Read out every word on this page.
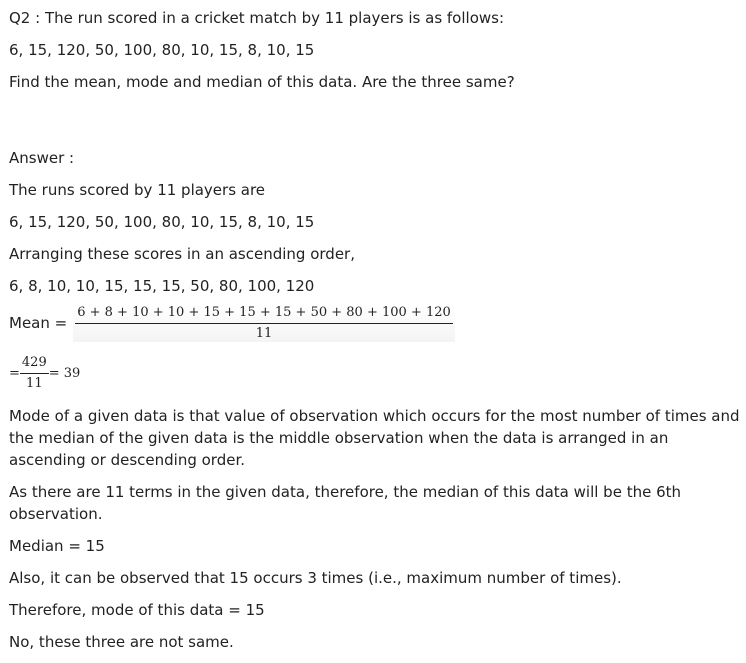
Q2 : The run scored in a cricket match by 11 players is as follows:

6, 15, 120, 50, 100, 80, 10, 15, 8, 10, 15

Find the mean, mode and median of this data. Are the three same?

Answer :

The runs scored by 11 players are

6, 15, 120, 50, 100, 80, 10, 15, 8, 10, 15

Arranging these scores in an ascending order,

6, 8, 10, 10, 15, 15, 15, 50, 80, 100, 120

Mean = $\frac{6 + 8 + 10 + 10 + 15 + 15 + 15 + 50 + 80 + 100 + 120}{11}$
= $\frac{429}{11} = 39$

Mode of a given data is that value of observation which occurs for the most number of times and the median of the given data is the middle observation when the data is arranged in an ascending or descending order.

As there are 11 terms in the given data, therefore, the median of this data will be the 6th observation.

Median = 15

Also, it can be observed that 15 occurs 3 times (i.e., maximum number of times).

Therefore, mode of this data = 15

No, these three are not same.
